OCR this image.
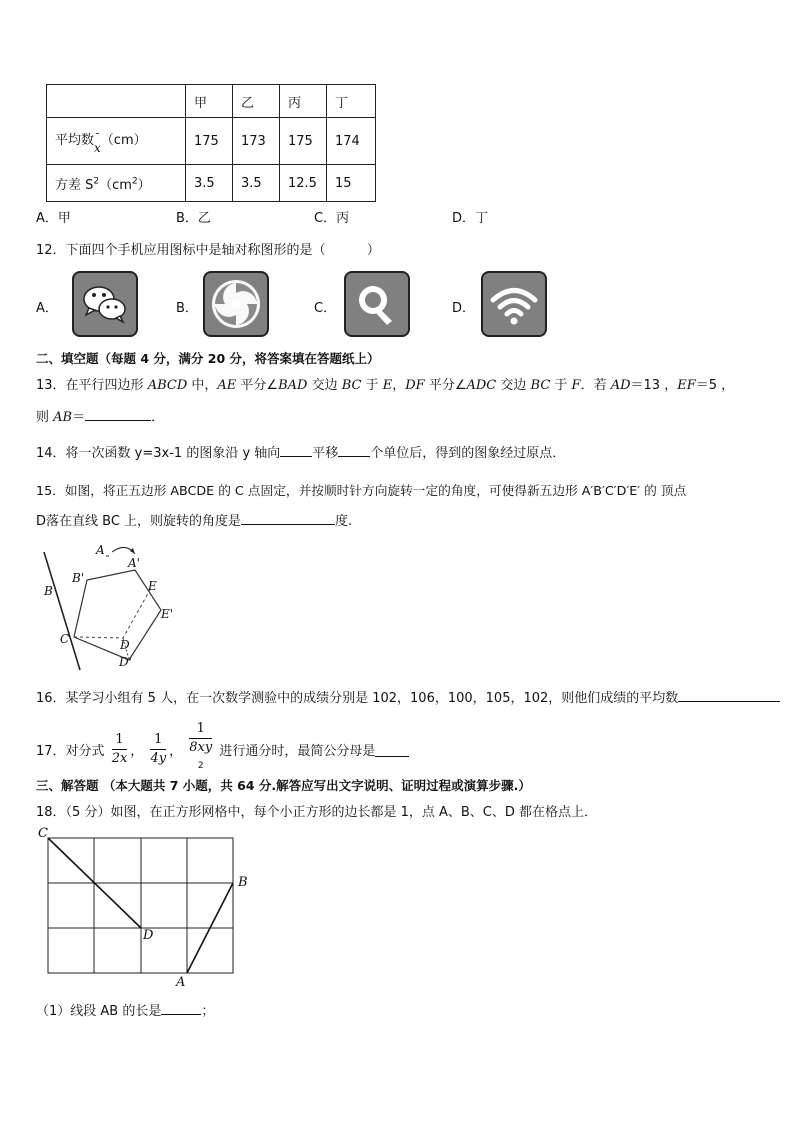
	甲	乙	丙	丁
平均数 ¯
x （cm）	175	173	175	174
方差 $S^2(cm^2)$	3.5	3.5	12.5	15
A．甲	B．乙	C．丙	D．丁
12．下面四个手机应用图标中是轴对称图形的是（          ）
A．	B．	C．	D．
二、填空题（每题 4 分，满分 20 分，将答案填在答题纸上）
13．在平行四边形 ABCD 中，AE 平分∠BAD 交边 BC 于 E，DF 平分∠ADC 交边 BC 于 F．若 AD＝13 ，EF＝5 ，
则 AB＝	．
14．将一次函数 y=3x-1 的图象沿 y 轴向 平移 个单位后，得到的图象经过原点．
15．如图，将正五边形 ABCDE 的 C 点固定，并按顺时针方向旋转一定的角度，可使得新五边形 A′B′C′D′E′ 的 顶点
D落在直线 BC 上，则旋转的角度是	度.
A
A'
B'
B	E
E'
C	D
D'
16．某学习小组有 5 人，在一次数学测验中的成绩分别是 102，106，100，105，102，则他们成绩的平均数
17．对分式 $\frac{1}{2x}$ ， $\frac{1}{4y}$ ， 1
8xy
$^2$ 进行通分时，最简公分母是
三、解答题 （本大题共 7 小题，共 64 分.解答应写出文字说明、证明过程或演算步骤.）
18．（5 分）如图，在正方形网格中，每个小正方形的边长都是 1，点 A、B、C、D 都在格点上．
C
B
D
A
（1）线段 AB 的长是	；
